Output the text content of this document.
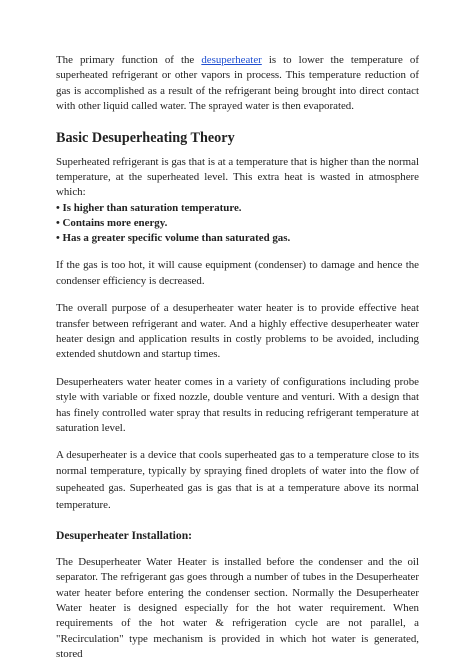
The primary function of the desuperheater is to lower the temperature of superheated refrigerant or other vapors in process. This temperature reduction of gas is accomplished as a result of the refrigerant being brought into direct contact with other liquid called water. The sprayed water is then evaporated.

Basic Desuperheating Theory

Superheated refrigerant is gas that is at a temperature that is higher than the normal temperature, at the superheated level. This extra heat is wasted in atmosphere which:

• Is higher than saturation temperature.
• Contains more energy.
• Has a greater specific volume than saturated gas.

If the gas is too hot, it will cause equipment (condenser) to damage and hence the condenser efficiency is decreased.

The overall purpose of a desuperheater water heater is to provide effective heat transfer between refrigerant and water. And a highly effective desuperheater water heater design and application results in costly problems to be avoided, including extended shutdown and startup times.

Desuperheaters water heater comes in a variety of configurations including probe style with variable or fixed nozzle, double venture and venturi. With a design that has finely controlled water spray that results in reducing refrigerant temperature at saturation level.

A desuperheater is a device that cools superheated gas to a temperature close to its normal temperature, typically by spraying fined droplets of water into the flow of supeheated gas. Superheated gas is gas that is at a temperature above its normal temperature.

Desuperheater Installation:

The Desuperheater Water Heater is installed before the condenser and the oil separator. The refrigerant gas goes through a number of tubes in the Desuperheater water heater before entering the condenser section. Normally the Desuperheater Water heater is designed especially for the hot water requirement. When requirements of the hot water & refrigeration cycle are not parallel, a "Recirculation" type mechanism is provided in which hot water is generated, stored
